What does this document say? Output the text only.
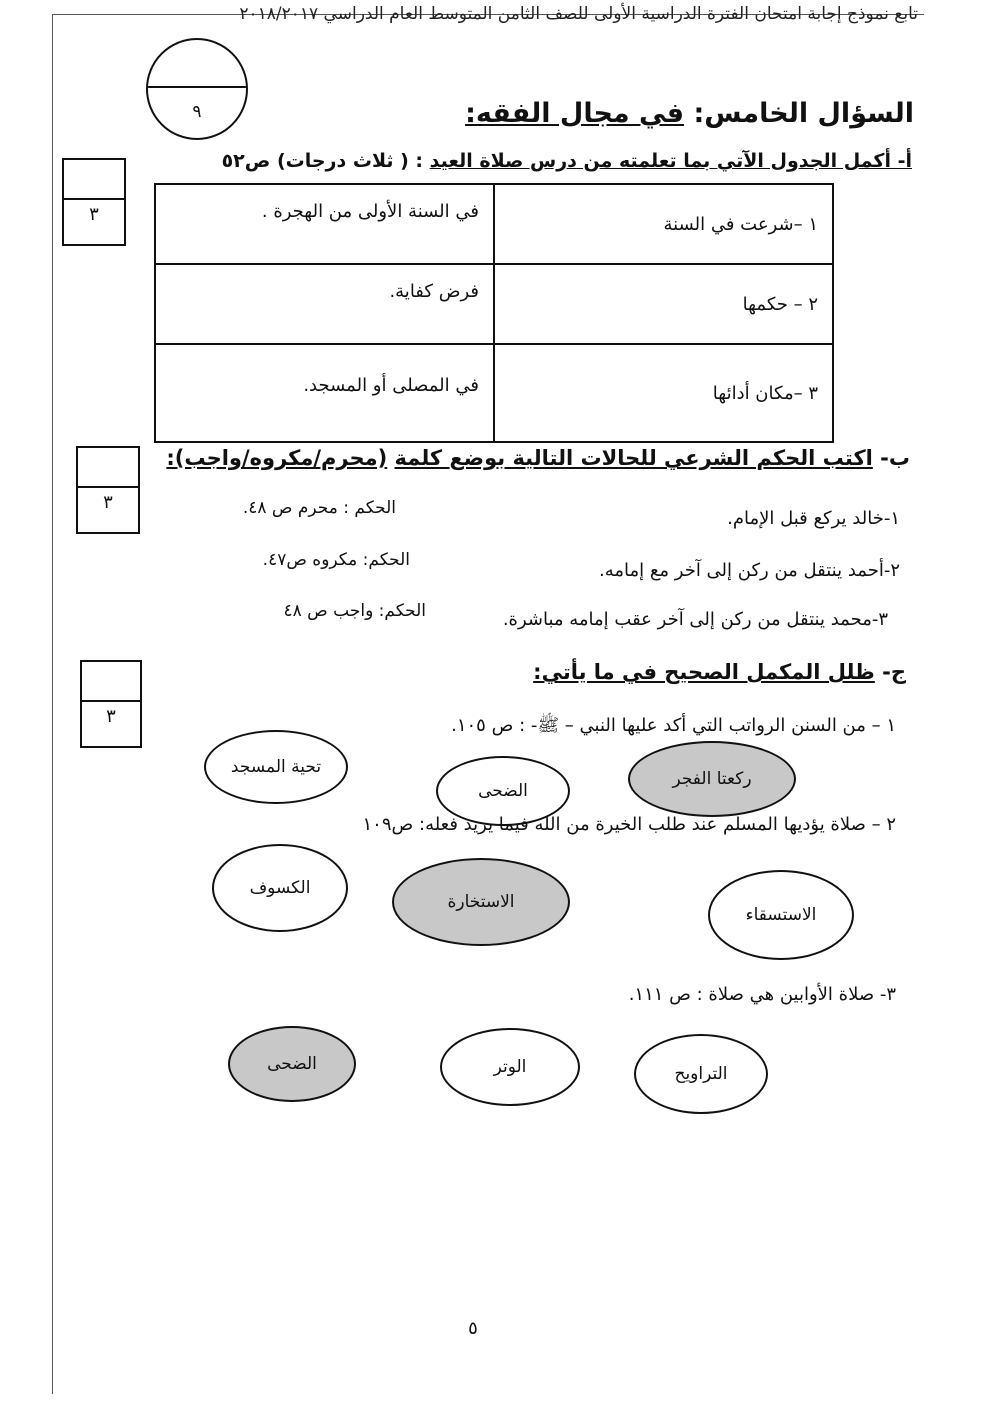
تابع نموذج إجابة امتحان الفترة الدراسية الأولى للصف الثامن المتوسط العام الدراسي ٢٠١٨/٢٠١٧
٩	السؤال الخامس: في مجال الفقه:
٣
أ- أكمل الجدول الآتي بما تعلمته من درس صلاة العيد : ( ثلاث درجات) ص٥٢
١ –شرعت في السنة	في السنة الأولى من الهجرة .
٢ – حكمها	فرض كفاية.
٣ –مكان أدائها	في المصلى أو المسجد.
٣
ب- اكتب الحكم الشرعي للحالات التالية بوضع كلمة (محرم/مكروه/واجب):
١-خالد يركع قبل الإمام.
الحكم : محرم ص ٤٨.
٢-أحمد ينتقل من ركن إلى آخر مع إمامه.
الحكم: مكروه ص٤٧.
٣-محمد ينتقل من ركن إلى آخر عقب إمامه مباشرة.
الحكم: واجب ص ٤٨
٣
ج- ظلل المكمل الصحيح في ما يأتي:
١ – من السنن الرواتب التي أكد عليها النبي – ﷺ- : ص ١٠٥.
ركعتا الفجر
الضحى
تحية المسجد
٢ – صلاة يؤديها المسلم عند طلب الخيرة من الله فيما يريد فعله: ص١٠٩
الاستسقاء
الاستخارة
الكسوف
٣- صلاة الأوابين هي صلاة : ص ١١١.
التراويح
الوتر
الضحى
٥
